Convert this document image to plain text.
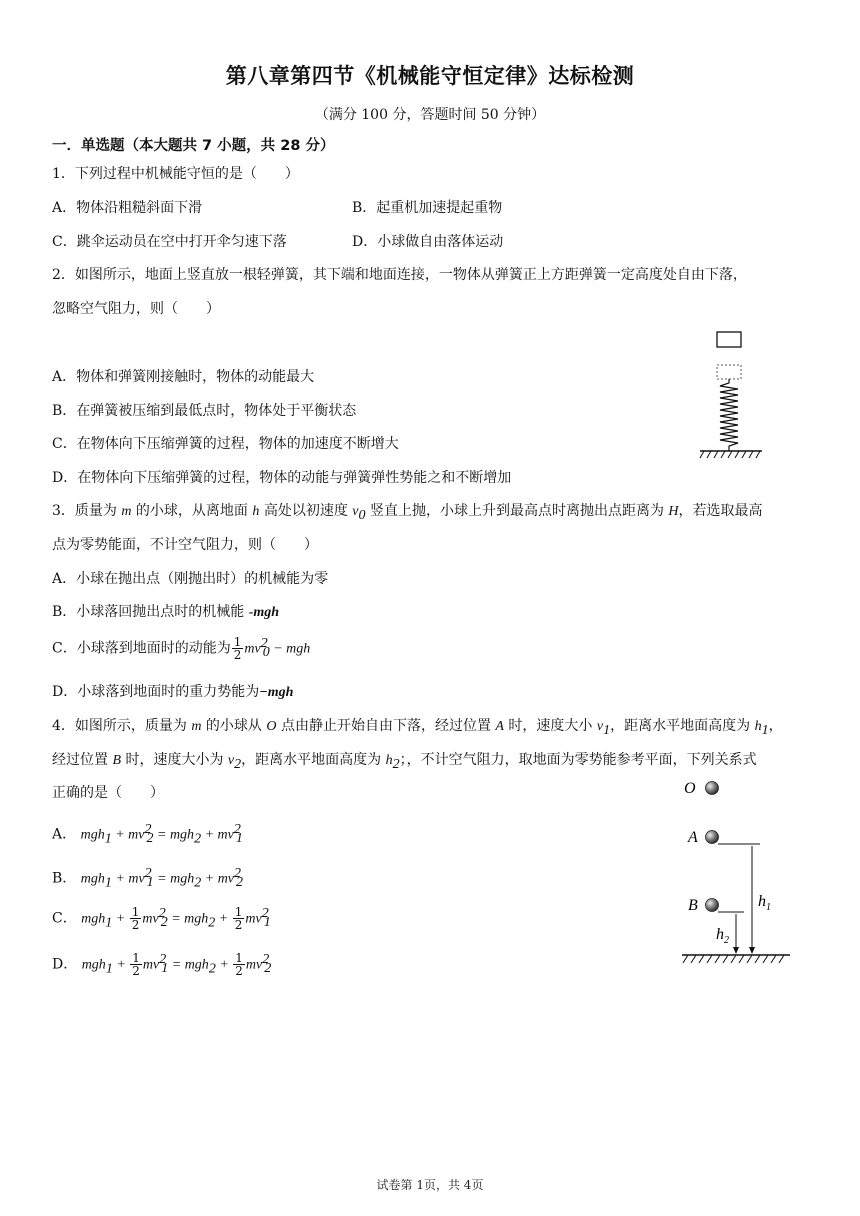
第八章第四节《机械能守恒定律》达标检测
（满分 100 分，答题时间 50 分钟）
一．单选题（本大题共 7 小题，共 28 分）
1．下列过程中机械能守恒的是（　　）
A．物体沿粗糙斜面下滑	B．起重机加速提起重物
C．跳伞运动员在空中打开伞匀速下落	D．小球做自由落体运动
2．如图所示，地面上竖直放一根轻弹簧，其下端和地面连接，一物体从弹簧正上方距弹簧一定高度处自由下落，
忽略空气阻力，则（　　）
A．物体和弹簧刚接触时，物体的动能最大
B．在弹簧被压缩到最低点时，物体处于平衡状态
C．在物体向下压缩弹簧的过程，物体的加速度不断增大
D．在物体向下压缩弹簧的过程，物体的动能与弹簧弹性势能之和不断增加
3．质量为 m 的小球，从离地面 h 高处以初速度 $v_0$ 竖直上抛，小球上升到最高点时离抛出点距离为 H，若选取最高
点为零势能面，不计空气阻力，则（　　）
A．小球在抛出点（刚抛出时）的机械能为零
B．小球落回抛出点时的机械能 -mgh
C．小球落到地面时的动能为 $\frac{1}{2} mv^2_0$ − mgh
D．小球落到地面时的重力势能为−mgh
4．如图所示，质量为 m 的小球从 O 点由静止开始自由下落，经过位置 A 时，速度大小 $v_1$，距离水平地面高度为 $h_1$，
经过位置 B 时，速度大小为 $v_2$，距离水平地面高度为 $h_2$；，不计空气阻力，取地面为零势能参考平面，下列关系式
正确的是（　　）
A． $mgh_1 + mv^2_2 = mgh_2 + mv^2_1$
B． $mgh_1 + mv^2_1 = mgh_2 + mv^2_2$
C． $mgh_1 + \frac{1}{2} mv^2_2 = mgh_2 + \frac{1}{2} mv^2_1$
D． $mgh_1 + \frac{1}{2} mv^2_1 = mgh_2 + \frac{1}{2} mv^2_2$
O
A
B	$h_1$
$h_2$
试卷第 1页，共 4页
